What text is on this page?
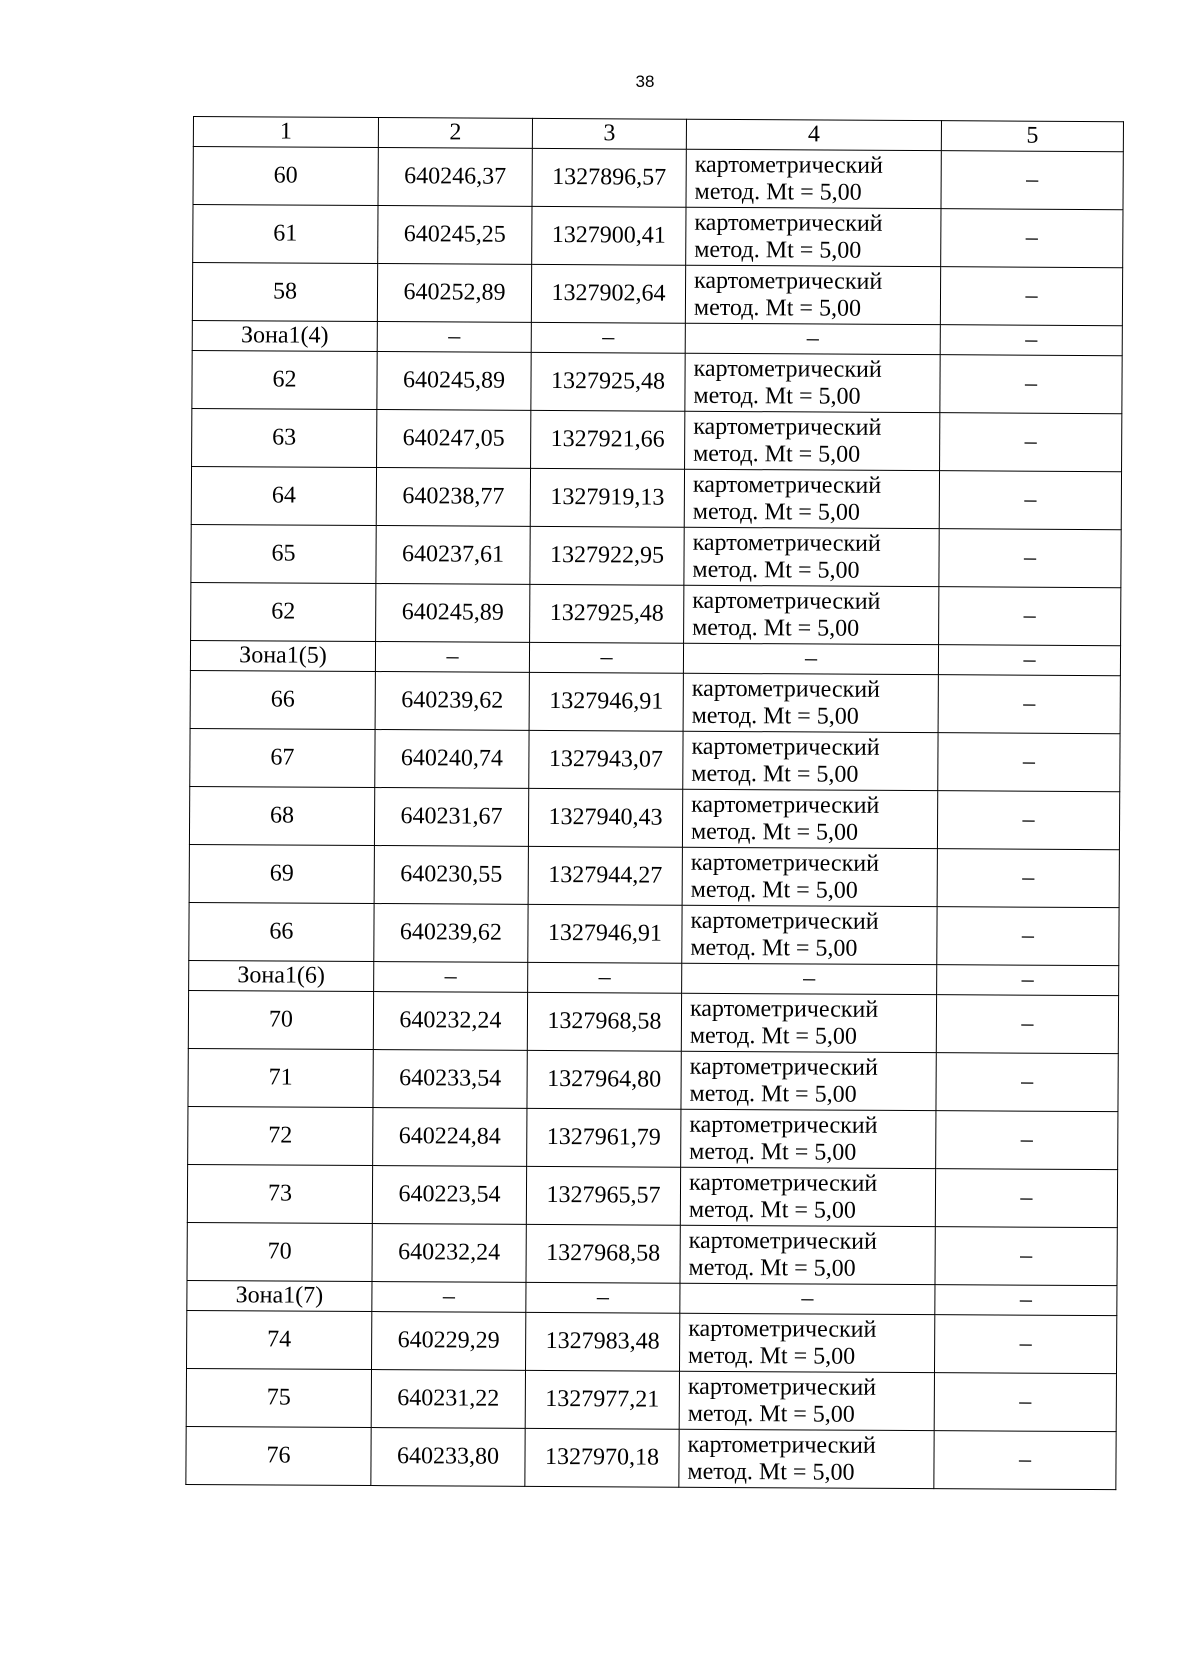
38
1	2	3	4	5
60	640246,37	1327896,57	картометрический
метод. Mt = 5,00	–
61	640245,25	1327900,41	картометрический
метод. Mt = 5,00	–
58	640252,89	1327902,64	картометрический
метод. Mt = 5,00	–
Зона1(4)	–	–	–	–
62	640245,89	1327925,48	картометрический
метод. Mt = 5,00	–
63	640247,05	1327921,66	картометрический
метод. Mt = 5,00	–
64	640238,77	1327919,13	картометрический
метод. Mt = 5,00	–
65	640237,61	1327922,95	картометрический
метод. Mt = 5,00	–
62	640245,89	1327925,48	картометрический
метод. Mt = 5,00	–
Зона1(5)	–	–	–	–
66	640239,62	1327946,91	картометрический
метод. Mt = 5,00	–
67	640240,74	1327943,07	картометрический
метод. Mt = 5,00	–
68	640231,67	1327940,43	картометрический
метод. Mt = 5,00	–
69	640230,55	1327944,27	картометрический
метод. Mt = 5,00	–
66	640239,62	1327946,91	картометрический
метод. Mt = 5,00	–
Зона1(6)	–	–	–	–
70	640232,24	1327968,58	картометрический
метод. Mt = 5,00	–
71	640233,54	1327964,80	картометрический
метод. Mt = 5,00	–
72	640224,84	1327961,79	картометрический
метод. Mt = 5,00	–
73	640223,54	1327965,57	картометрический
метод. Mt = 5,00	–
70	640232,24	1327968,58	картометрический
метод. Mt = 5,00	–
Зона1(7)	–	–	–	–
74	640229,29	1327983,48	картометрический
метод. Mt = 5,00	–
75	640231,22	1327977,21	картометрический
метод. Mt = 5,00	–
76	640233,80	1327970,18	картометрический
метод. Mt = 5,00	–
